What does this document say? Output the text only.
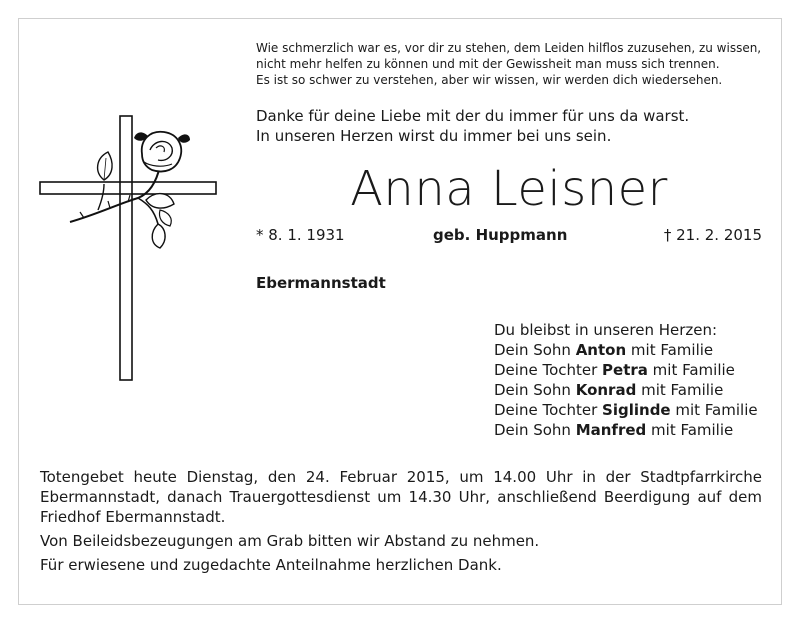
Wie schmerzlich war es, vor dir zu stehen, dem Leiden hilflos zuzusehen, zu wissen,
nicht mehr helfen zu können und mit der Gewissheit man muss sich trennen.
Es ist so schwer zu verstehen, aber wir wissen, wir werden dich wiedersehen.
Danke für deine Liebe mit der du immer für uns da warst.
In unseren Herzen wirst du immer bei uns sein.
Anna Leisner
* 8. 1. 1931	geb. Huppmann	† 21. 2. 2015
Ebermannstadt
Du bleibst in unseren Herzen:
Dein Sohn Anton mit Familie
Deine Tochter Petra mit Familie
Dein Sohn Konrad mit Familie
Deine Tochter Siglinde mit Familie
Dein Sohn Manfred mit Familie
Totengebet heute Dienstag, den 24. Februar 2015, um 14.00 Uhr in der Stadtpfarrkirche Ebermannstadt, danach Trauergottesdienst um 14.30 Uhr, anschließend Beerdigung auf dem Friedhof Ebermannstadt.
Von Beileidsbezeugungen am Grab bitten wir Abstand zu nehmen.
Für erwiesene und zugedachte Anteilnahme herzlichen Dank.
